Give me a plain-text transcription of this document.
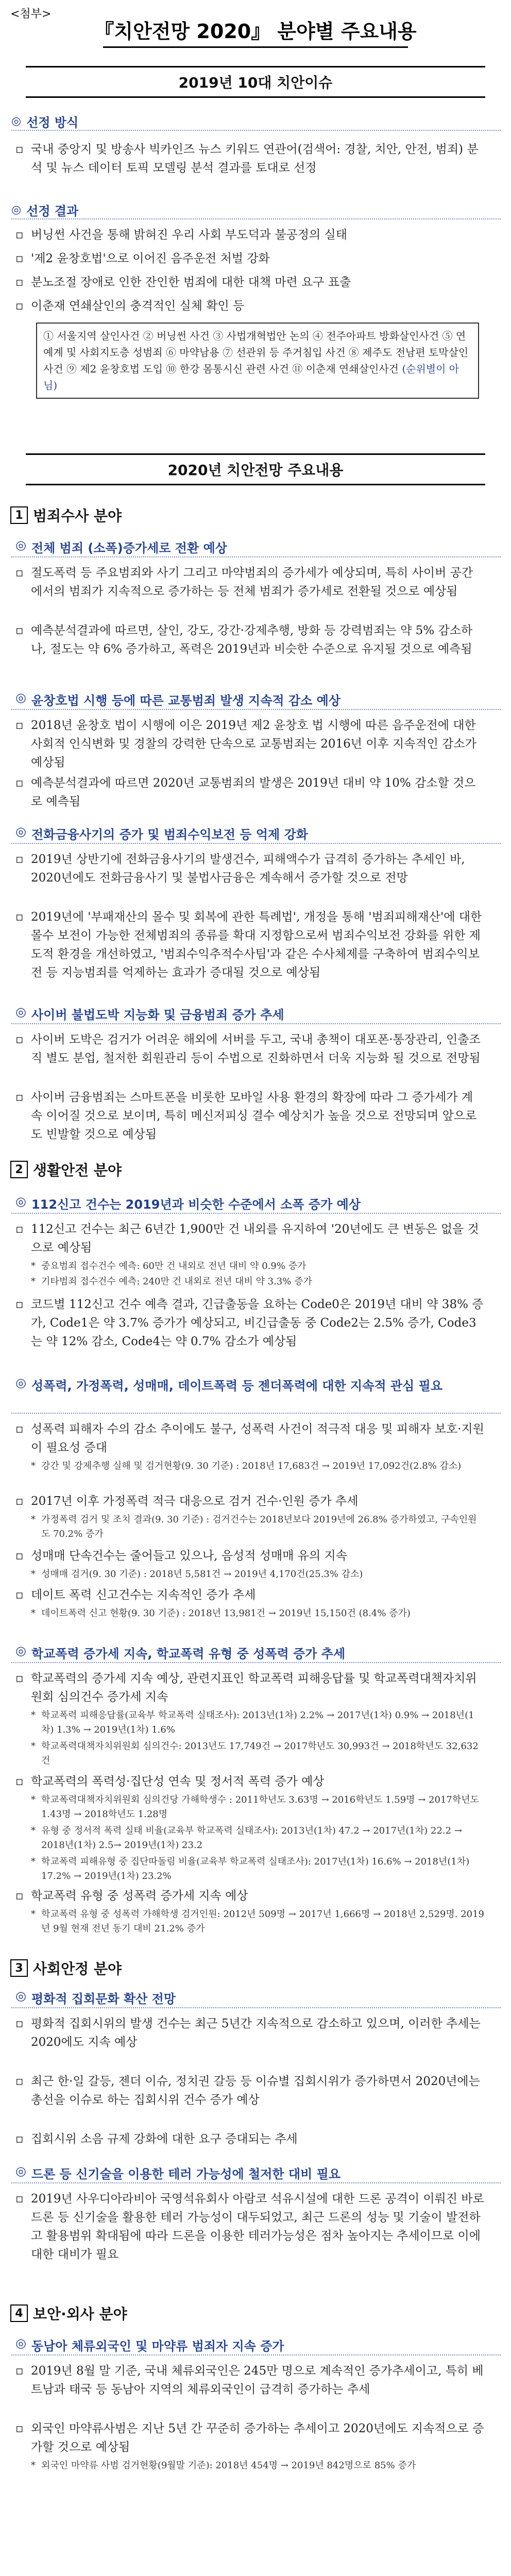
<첨부>
『치안전망 2020』 분야별 주요내용
2019년 10대 치안이슈
◎ 선정 방식
▫ 국내 중앙지 및 방송사 빅카인즈 뉴스 키워드 연관어(검색어: 경찰, 치안, 안전, 범죄) 분석 및 뉴스 데이터 토픽 모델링 분석 결과를 토대로 선정
◎ 선정 결과
▫ 버닝썬 사건을 통해 밝혀진 우리 사회 부도덕과 불공정의 실태
▫ '제2 윤창호법'으로 이어진 음주운전 처벌 강화
▫ 분노조절 장애로 인한 잔인한 범죄에 대한 대책 마련 요구 표출
▫ 이춘재 연쇄살인의 충격적인 실체 확인 등
① 서울지역 살인사건 ② 버닝썬 사건 ③ 사법개혁법안 논의 ④ 전주아파트 방화살인사건 ⑤ 연예계 및 사회지도층 성범죄 ⑥ 마약남용 ⑦ 선관위 등 주거침입 사건 ⑧ 제주도 전남편 토막살인 사건 ⑨ 제2 윤창호법 도입 ⑩ 한강 몸통시신 관련 사건 ⑪ 이춘재 연쇄살인사건 (순위별이 아님)
2020년 치안전망 주요내용
1 범죄수사 분야
◎ 전체 범죄 (소폭)증가세로 전환 예상
▫ 절도폭력 등 주요범죄와 사기 그리고 마약범죄의 증가세가 예상되며, 특히 사이버 공간에서의 범죄가 지속적으로 증가하는 등 전체 범죄가 증가세로 전환될 것으로 예상됨
▫ 예측분석결과에 따르면, 살인, 강도, 강간·강제추행, 방화 등 강력범죄는 약 5% 감소하나, 절도는 약 6% 증가하고, 폭력은 2019년과 비슷한 수준으로 유지될 것으로 예측됨
◎ 윤창호법 시행 등에 따른 교통범죄 발생 지속적 감소 예상
▫ 2018년 윤창호 법이 시행에 이은 2019년 제2 윤창호 법 시행에 따른 음주운전에 대한 사회적 인식변화 및 경찰의 강력한 단속으로 교통범죄는 2016년 이후 지속적인 감소가 예상됨
▫ 예측분석결과에 따르면 2020년 교통범죄의 발생은 2019년 대비 약 10% 감소할 것으로 예측됨
◎ 전화금융사기의 증가 및 범죄수익보전 등 억제 강화
▫ 2019년 상반기에 전화금융사기의 발생건수, 피해액수가 급격히 증가하는 추세인 바, 2020년에도 전화금융사기 및 불법사금융은 계속해서 증가할 것으로 전망
▫ 2019년에 '부패재산의 몰수 및 회복에 관한 특례법', 개정을 통해 '범죄피해재산'에 대한 몰수 보전이 가능한 전체범죄의 종류를 확대 지정함으로써 범죄수익보전 강화를 위한 제도적 환경을 개선하였고, '범죄수익추적수사팀'과 같은 수사체제를 구축하여 범죄수익보전 등 지능범죄를 억제하는 효과가 증대될 것으로 예상됨
◎ 사이버 불법도박 지능화 및 금융범죄 증가 추세
▫ 사이버 도박은 검거가 어려운 해외에 서버를 두고, 국내 총책이 대포폰·통장관리, 인출조직 별도 분업, 철저한 회원관리 등이 수법으로 진화하면서 더욱 지능화 될 것으로 전망됨
▫ 사이버 금융범죄는 스마트폰을 비롯한 모바일 사용 환경의 확장에 따라 그 증가세가 계속 이어질 것으로 보이며, 특히 메신저피싱 결수 예상치가 높을 것으로 전망되며 앞으로도 빈발할 것으로 예상됨
2 생활안전 분야
◎ 112신고 건수는 2019년과 비슷한 수준에서 소폭 증가 예상
▫ 112신고 건수는 최근 6년간 1,900만 건 내외를 유지하여 '20년에도 큰 변동은 없을 것으로 예상됨
* 중요범죄 접수건수 예측: 60만 건 내외로 전년 대비 약 0.9% 증가
* 기타범죄 접수건수 예측: 240만 건 내외로 전년 대비 약 3.3% 증가
▫ 코드별 112신고 건수 예측 결과, 긴급출동을 요하는 Code0은 2019년 대비 약 38% 증가, Code1은 약 3.7% 증가가 예상되고, 비긴급출동 중 Code2는 2.5% 증가, Code3는 약 12% 감소, Code4는 약 0.7% 감소가 예상됨
◎ 성폭력, 가정폭력, 성매매, 데이트폭력 등 젠더폭력에 대한 지속적 관심 필요
▫ 성폭력 피해자 수의 감소 추이에도 불구, 성폭력 사건이 적극적 대응 및 피해자 보호·지원이 필요성 증대
* 강간 및 강제추행 실해 및 검거현황(9. 30 기준) : 2018년 17,683건 → 2019년 17,092건(2.8% 감소)
▫ 2017년 이후 가정폭력 적극 대응으로 검거 건수·인원 증가 추세
* 가정폭력 검거 및 조치 결과(9. 30 기준) : 검거건수는 2018년보다 2019년에 26.8% 증가하였고, 구속인원도 70.2% 증가
▫ 성매매 단속건수는 줄어들고 있으나, 음성적 성매매 유의 지속
* 성매매 검거(9. 30 기준) : 2018년 5,581건 → 2019년 4,170건(25.3% 감소)
▫ 데이트 폭력 신고건수는 지속적인 증가 추세
* 데이트폭력 신고 현황(9. 30 기준) : 2018년 13,981건 → 2019년 15,150건 (8.4% 증가)
◎ 학교폭력 증가세 지속, 학교폭력 유형 중 성폭력 증가 추세
▫ 학교폭력의 증가세 지속 예상, 관련지표인 학교폭력 피해응답률 및 학교폭력대책자치위원회 심의건수 증가세 지속
* 학교폭력 피해응답률(교육부 학교폭력 실태조사): 2013년(1차) 2.2% → 2017년(1차) 0.9% → 2018년(1차) 1.3% → 2019년(1차) 1.6%
* 학교폭력대책자치위원회 심의건수: 2013년도 17,749건 → 2017학년도 30,993건 → 2018학년도 32,632건
▫ 학교폭력의 폭력성·집단성 연속 및 정서적 폭력 증가 예상
* 학교폭력대책자치위원회 심의건당 가해학생수 : 2011학년도 3.63명 → 2016학년도 1.59명 → 2017학년도 1.43명 → 2018학년도 1.28명
* 유형 중 정서적 폭력 실태 비율(교육부 학교폭력 실태조사): 2013년(1차) 47.2 → 2017년(1차) 22.2 → 2018년(1차) 2.5→ 2019년(1차) 23.2
* 학교폭력 피해유형 중 집단따돌림 비율(교육부 학교폭력 실태조사): 2017년(1차) 16.6% → 2018년(1차) 17.2% → 2019년(1차) 23.2%
▫ 학교폭력 유형 중 성폭력 증가세 지속 예상
* 학교폭력 유형 중 성폭력 가해학생 검거인원: 2012년 509명 → 2017년 1,666명 → 2018년 2,529명. 2019년 9월 현재 전년 동기 대비 21.2% 증가
3 사회안정 분야
◎ 평화적 집회문화 확산 전망
▫ 평화적 집회시위의 발생 건수는 최근 5년간 지속적으로 감소하고 있으며, 이러한 추세는 2020에도 지속 예상
▫ 최근 한·일 갈등, 젠더 이슈, 정치권 갈등 등 이슈별 집회시위가 증가하면서 2020년에는 총선을 이슈로 하는 집회시위 건수 증가 예상
▫ 집회시위 소음 규제 강화에 대한 요구 증대되는 추세
◎ 드론 등 신기술을 이용한 테러 가능성에 철저한 대비 필요
▫ 2019년 사우디아라비아 국영석유회사 아람코 석유시설에 대한 드론 공격이 이뤄진 바로 드론 등 신기술을 활용한 테러 가능성이 대두되었고, 최근 드론의 성능 및 기술이 발전하고 활용범위 확대됨에 따라 드론을 이용한 테러가능성은 점차 높아지는 추세이므로 이에 대한 대비가 필요
4 보안·외사 분야
◎ 동남아 체류외국인 및 마약류 범죄자 지속 증가
▫ 2019년 8월 말 기준, 국내 체류외국인은 245만 명으로 계속적인 증가추세이고, 특히 베트남과 태국 등 동남아 지역의 체류외국인이 급격히 증가하는 추세
▫ 외국인 마약류사범은 지난 5년 간 꾸준히 증가하는 추세이고 2020년에도 지속적으로 증가할 것으로 예상됨
* 외국인 마약류 사범 검거현황(9월말 기준): 2018년 454명 → 2019년 842명으로 85% 증가
